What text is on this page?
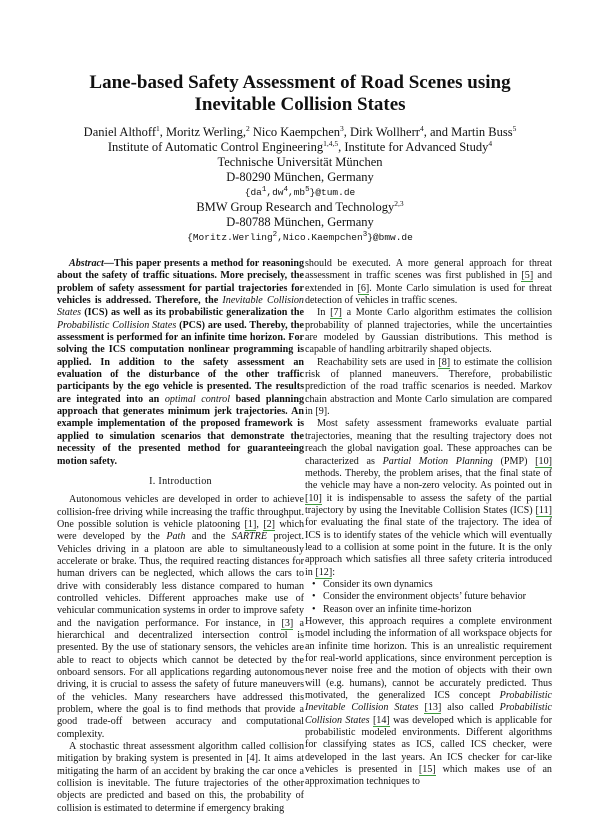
Lane-based Safety Assessment of Road Scenes using
Inevitable Collision States
Daniel Althoff$^1$, Moritz Werling,$^2$ Nico Kaempchen$^3$, Dirk Wollherr$^4$, and Martin Buss$^5$
Institute of Automatic Control Engineering$^{1,4,5}$, Institute for Advanced Study$^4$
Technische Universität München
D-80290 München, Germany
$\{da^1,dw^4,mb^5\}@tum.de$
BMW Group Research and Technology$^{2,3}$
D-80788 München, Germany
{Moritz.Werling$^2$,Nico.Kaempchen$^3$}@bmw.de

Abstract—This paper presents a method for reasoning about the safety of traffic situations. More precisely, the problem of safety assessment for partial trajectories for vehicles is addressed. Therefore, the Inevitable Collision States (ICS) as well as its probabilistic generalization the Probabilistic Collision States (PCS) are used. Thereby, the assessment is performed for an infinite time horizon. For solving the ICS computation nonlinear programming is applied. In addition to the safety assessment an evaluation of the disturbance of the other traffic participants by the ego vehicle is presented. The results are integrated into an optimal control based planning approach that generates minimum jerk trajectories. An example implementation of the proposed framework is applied to simulation scenarios that demonstrate the necessity of the presented method for guaranteeing motion safety.

I. Introduction

Autonomous vehicles are developed in order to achieve collision-free driving while increasing the traffic throughput. One possible solution is vehicle platooning [1], [2] which were developed by the Path and the SARTRE project. Vehicles driving in a platoon are able to simultaneously accelerate or brake. Thus, the required reacting distances for human drivers can be neglected, which allows the cars to drive with considerably less distance compared to human controlled vehicles. Different approaches make use of vehicular communication systems in order to improve safety and the navigation performance. For instance, in [3] a hierarchical and decentralized intersection control is presented. By the use of stationary sensors, the vehicles are able to react to objects which cannot be detected by the onboard sensors. For all applications regarding autonomous driving, it is crucial to assess the safety of future maneuvers of the vehicles. Many researchers have addressed this problem, where the goal is to find methods that provide a good trade-off between accuracy and computational complexity.

A stochastic threat assessment algorithm called collision mitigation by braking system is presented in [4]. It aims at mitigating the harm of an accident by braking the car once a collision is inevitable. The future trajectories of the other objects are predicted and based on this, the probability of collision is estimated to determine if emergency braking

should be executed. A more general approach for threat assessment in traffic scenes was first published in [5] and extended in [6]. Monte Carlo simulation is used for threat detection of vehicles in traffic scenes.

In [7] a Monte Carlo algorithm estimates the collision probability of planned trajectories, while the uncertainties are modeled by Gaussian distributions. This method is capable of handling arbitrarily shaped objects.

Reachability sets are used in [8] to estimate the collision risk of planned maneuvers. Therefore, probabilistic prediction of the road traffic scenarios is needed. Markov chain abstraction and Monte Carlo simulation are compared in [9].

Most safety assessment frameworks evaluate partial trajectories, meaning that the resulting trajectory does not reach the global navigation goal. These approaches can be characterized as Partial Motion Planning (PMP) [10] methods. Thereby, the problem arises, that the final state of the vehicle may have a non-zero velocity. As pointed out in [10] it is indispensable to assess the safety of the partial trajectory by using the Inevitable Collision States (ICS) [11] for evaluating the final state of the trajectory. The idea of ICS is to identify states of the vehicle which will eventually lead to a collision at some point in the future. It is the only approach which satisfies all three safety criteria introduced in [12]:

• Consider its own dynamics
• Consider the environment objects’ future behavior
• Reason over an infinite time-horizon

However, this approach requires a complete environment model including the information of all workspace objects for an infinite time horizon. This is an unrealistic requirement for real-world applications, since environment perception is never noise free and the motion of objects with their own will (e.g. humans), cannot be accurately predicted. Thus motivated, the generalized ICS concept Probabilistic Inevitable Collision States [13] also called Probabilistic Collision States [14] was developed which is applicable for probabilistic modeled environments. Different algorithms for classifying states as ICS, called ICS checker, were developed in the last years. An ICS checker for car-like vehicles is presented in [15] which makes use of an approximation techniques to
